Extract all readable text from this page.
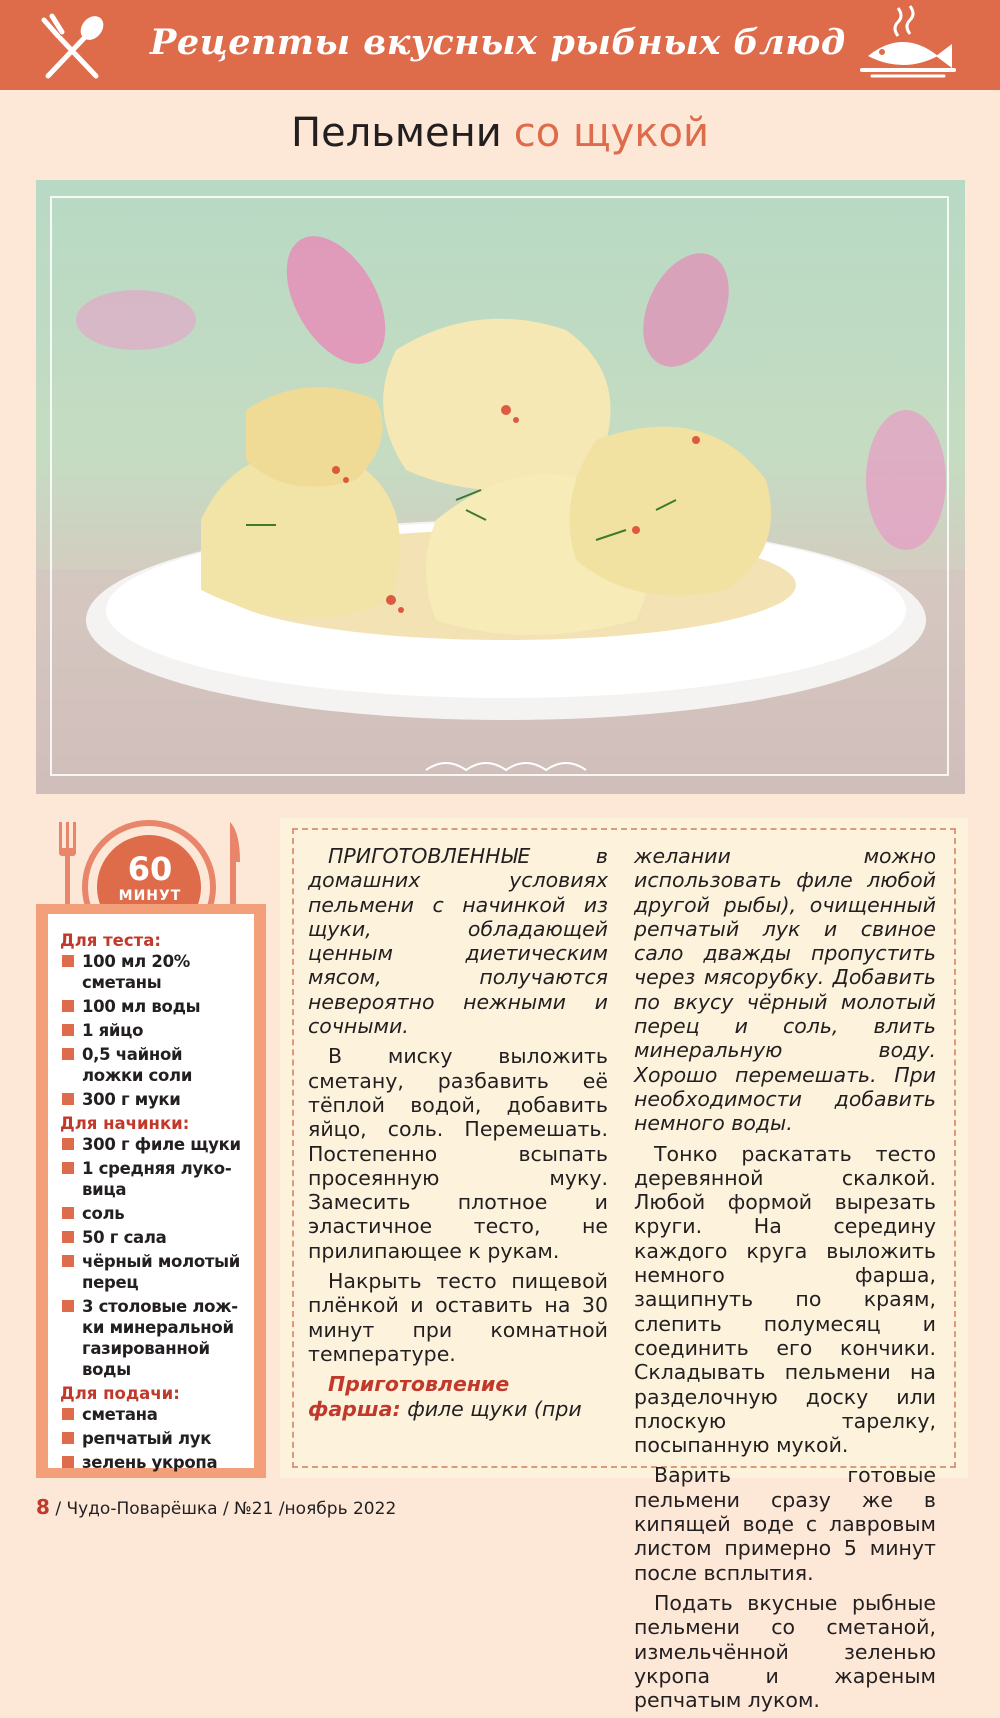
Рецепты вкусных рыбных блюд
Пельмени со щукой
60
МИНУТ
Для теста:
100 мл 20% сметаны
100 мл воды
1 яйцо
0,5 чайной ложки соли
300 г муки
Для начинки:
300 г филе щуки
1 средняя луко-вица
соль
50 г сала
чёрный молотый перец
3 столовые лож-ки минеральной газированной воды
Для подачи:
сметана
репчатый лук
зелень укропа

ПРИГОТОВЛЕННЫЕ в домашних условиях пельмени с начинкой из щуки, обладающей ценным диетическим мясом, получаются невероятно нежными и сочными.

В миску выложить сметану, разбавить её тёплой водой, добавить яйцо, соль. Перемешать. Постепенно всыпать просеянную муку. Замесить плотное и эластичное тесто, не прилипающее к рукам.

Накрыть тесто пищевой плёнкой и оставить на 30 минут при комнатной температуре.

Приготовление фарша: филе щуки (при

желании можно использовать филе любой другой рыбы), очищенный репчатый лук и свиное сало дважды пропустить через мясорубку. Добавить по вкусу чёрный молотый перец и соль, влить минеральную воду. Хорошо перемешать. При необходимости добавить немного воды.

Тонко раскатать тесто деревянной скалкой. Любой формой вырезать круги. На середину каждого круга выложить немного фарша, защипнуть по краям, слепить полумесяц и соединить его кончики. Складывать пельмени на разделочную доску или плоскую тарелку, посыпанную мукой.

Варить готовые пельмени сразу же в кипящей воде с лавровым листом примерно 5 минут после всплытия.

Подать вкусные рыбные пельмени со сметаной, измельчённой зеленью укропа и жареным репчатым луком.

8 / Чудо-Поварёшка / №21 /ноябрь 2022
